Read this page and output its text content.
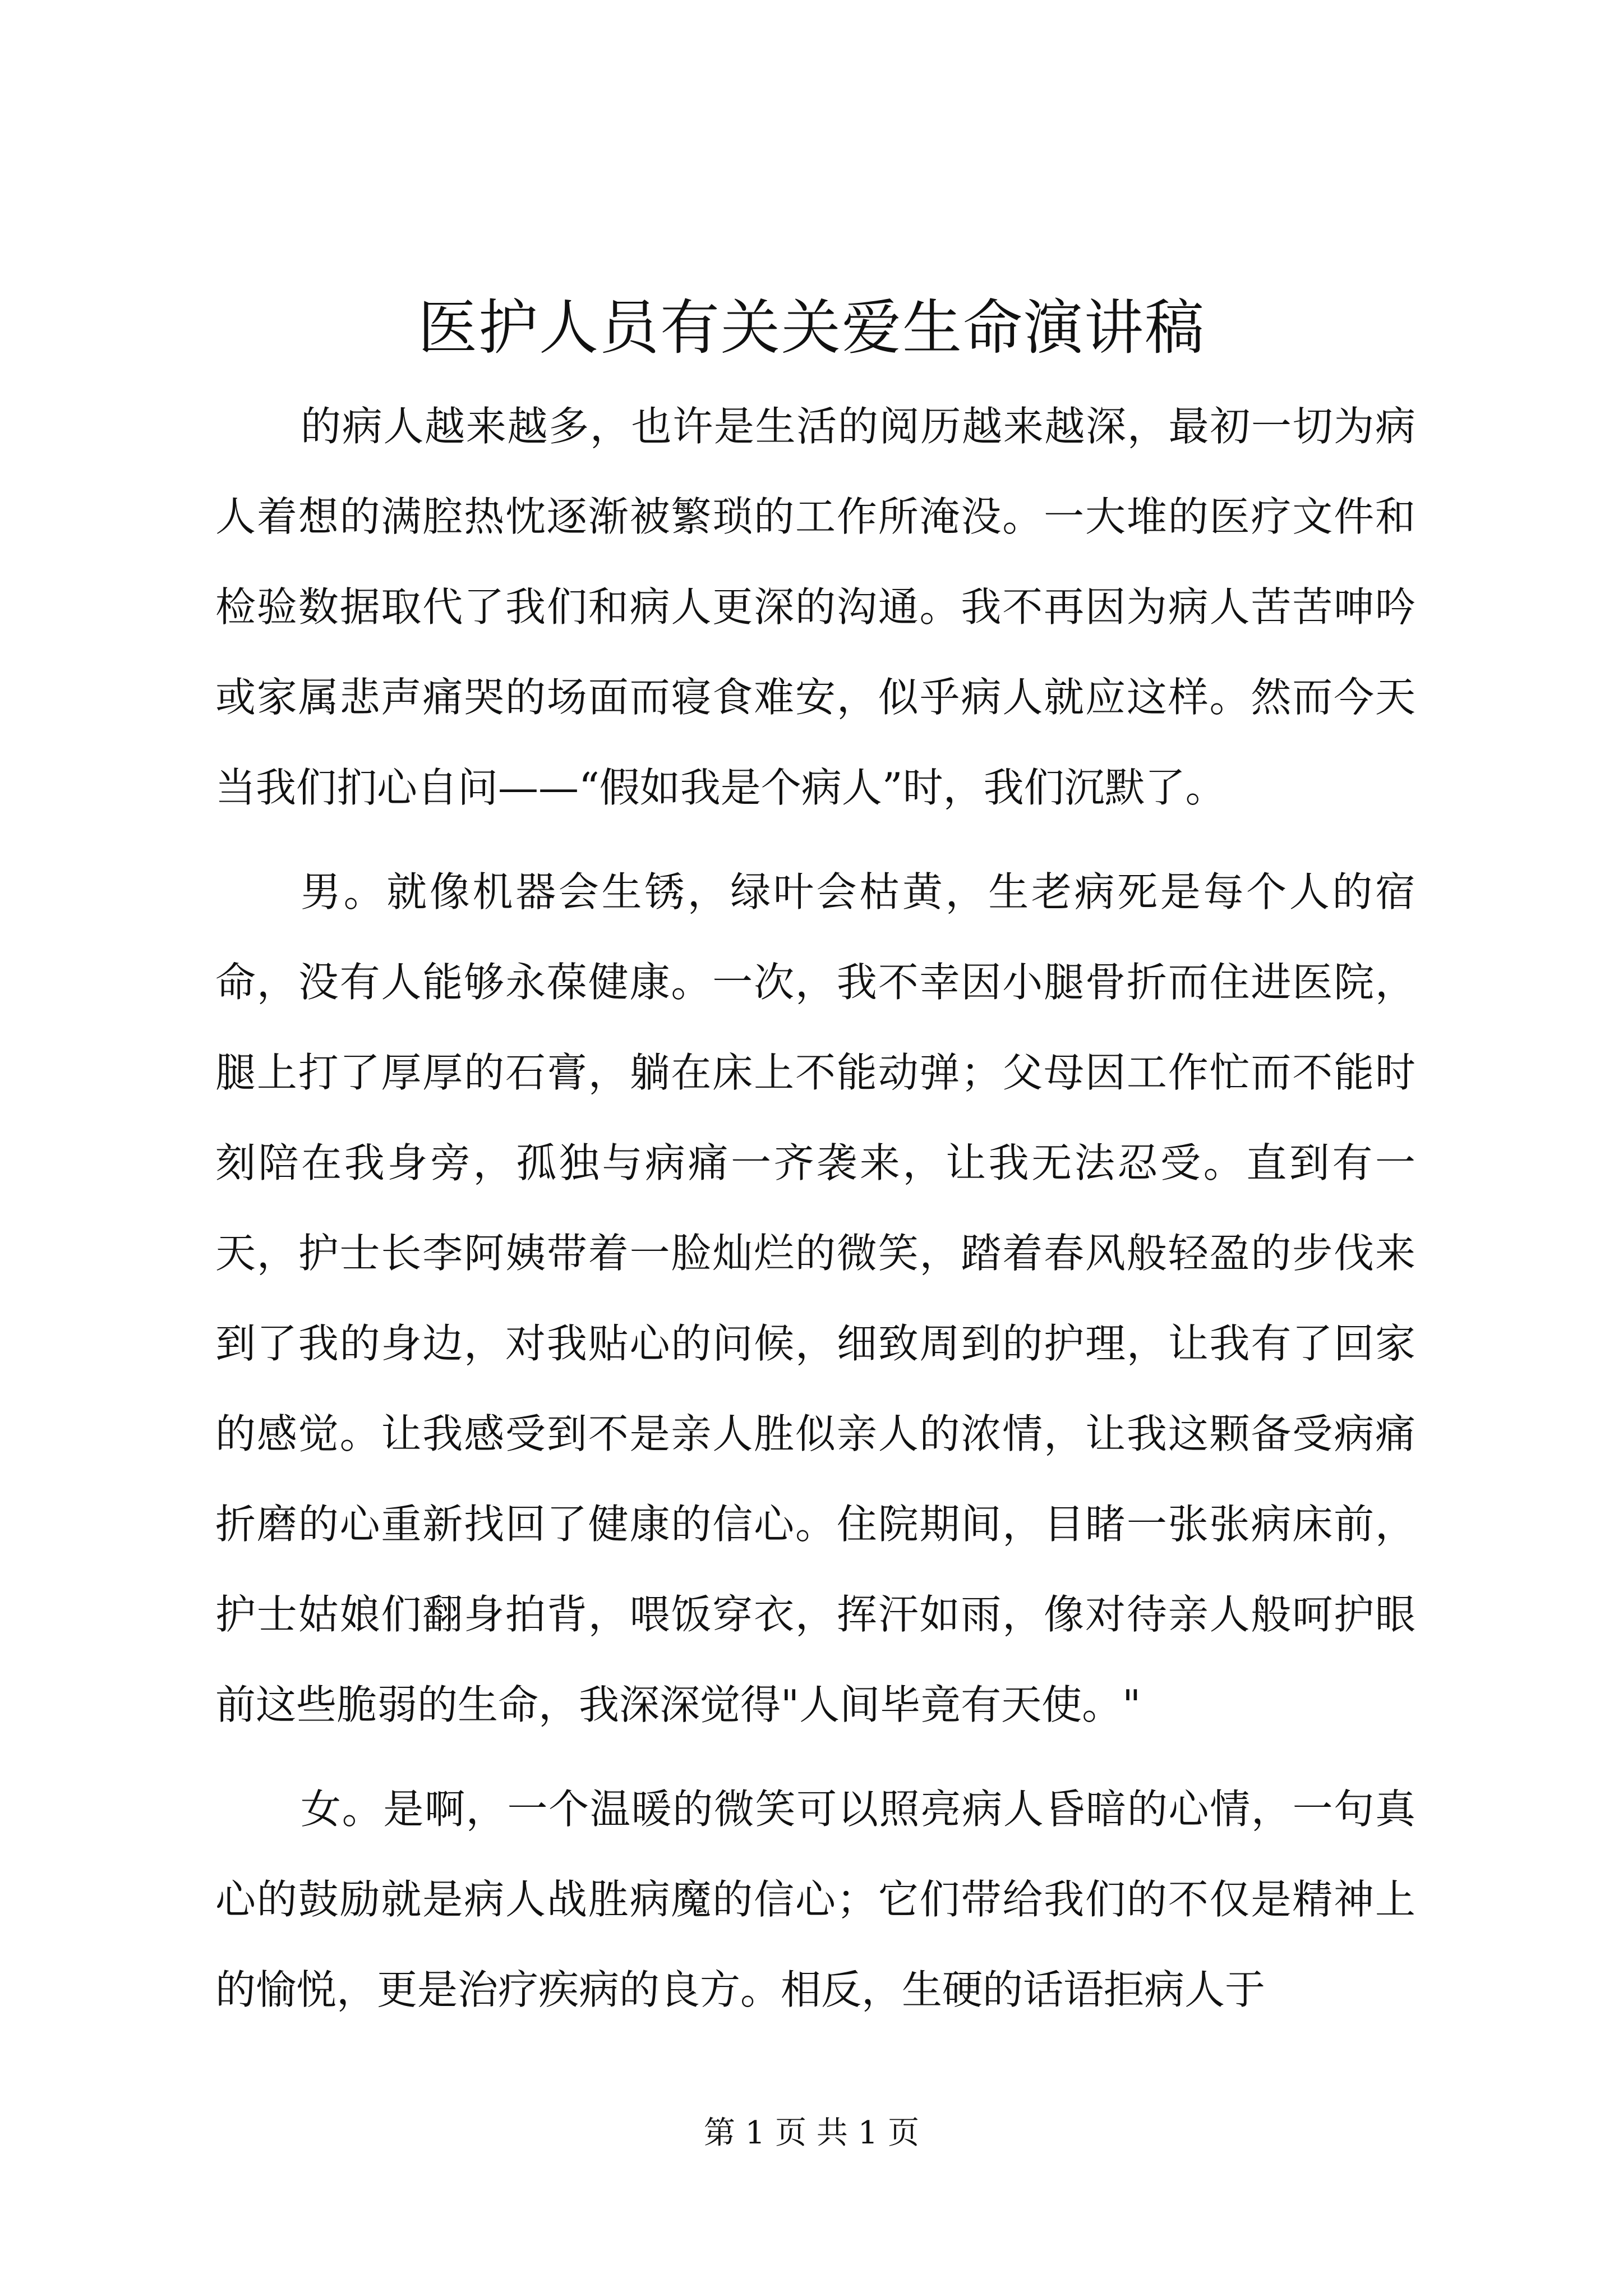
医护人员有关关爱生命演讲稿

的病人越来越多，也许是生活的阅历越来越深，最初一切为病人着想的满腔热忱逐渐被繁琐的工作所淹没。一大堆的医疗文件和检验数据取代了我们和病人更深的沟通。我不再因为病人苦苦呻吟或家属悲声痛哭的场面而寝食难安，似乎病人就应这样。然而今天当我们扪心自问——“假如我是个病人”时，我们沉默了。

男。就像机器会生锈，绿叶会枯黄，生老病死是每个人的宿命，没有人能够永葆健康。一次，我不幸因小腿骨折而住进医院，腿上打了厚厚的石膏，躺在床上不能动弹；父母因工作忙而不能时刻陪在我身旁，孤独与病痛一齐袭来，让我无法忍受。直到有一天，护士长李阿姨带着一脸灿烂的微笑，踏着春风般轻盈的步伐来到了我的身边，对我贴心的问候，细致周到的护理，让我有了回家的感觉。让我感受到不是亲人胜似亲人的浓情，让我这颗备受病痛折磨的心重新找回了健康的信心。住院期间，目睹一张张病床前，护士姑娘们翻身拍背，喂饭穿衣，挥汗如雨，像对待亲人般呵护眼前这些脆弱的生命，我深深觉得"人间毕竟有天使。"

女。是啊，一个温暖的微笑可以照亮病人昏暗的心情，一句真心的鼓励就是病人战胜病魔的信心；它们带给我们的不仅是精神上的愉悦，更是治疗疾病的良方。相反，生硬的话语拒病人于

第 1 页 共 1 页
